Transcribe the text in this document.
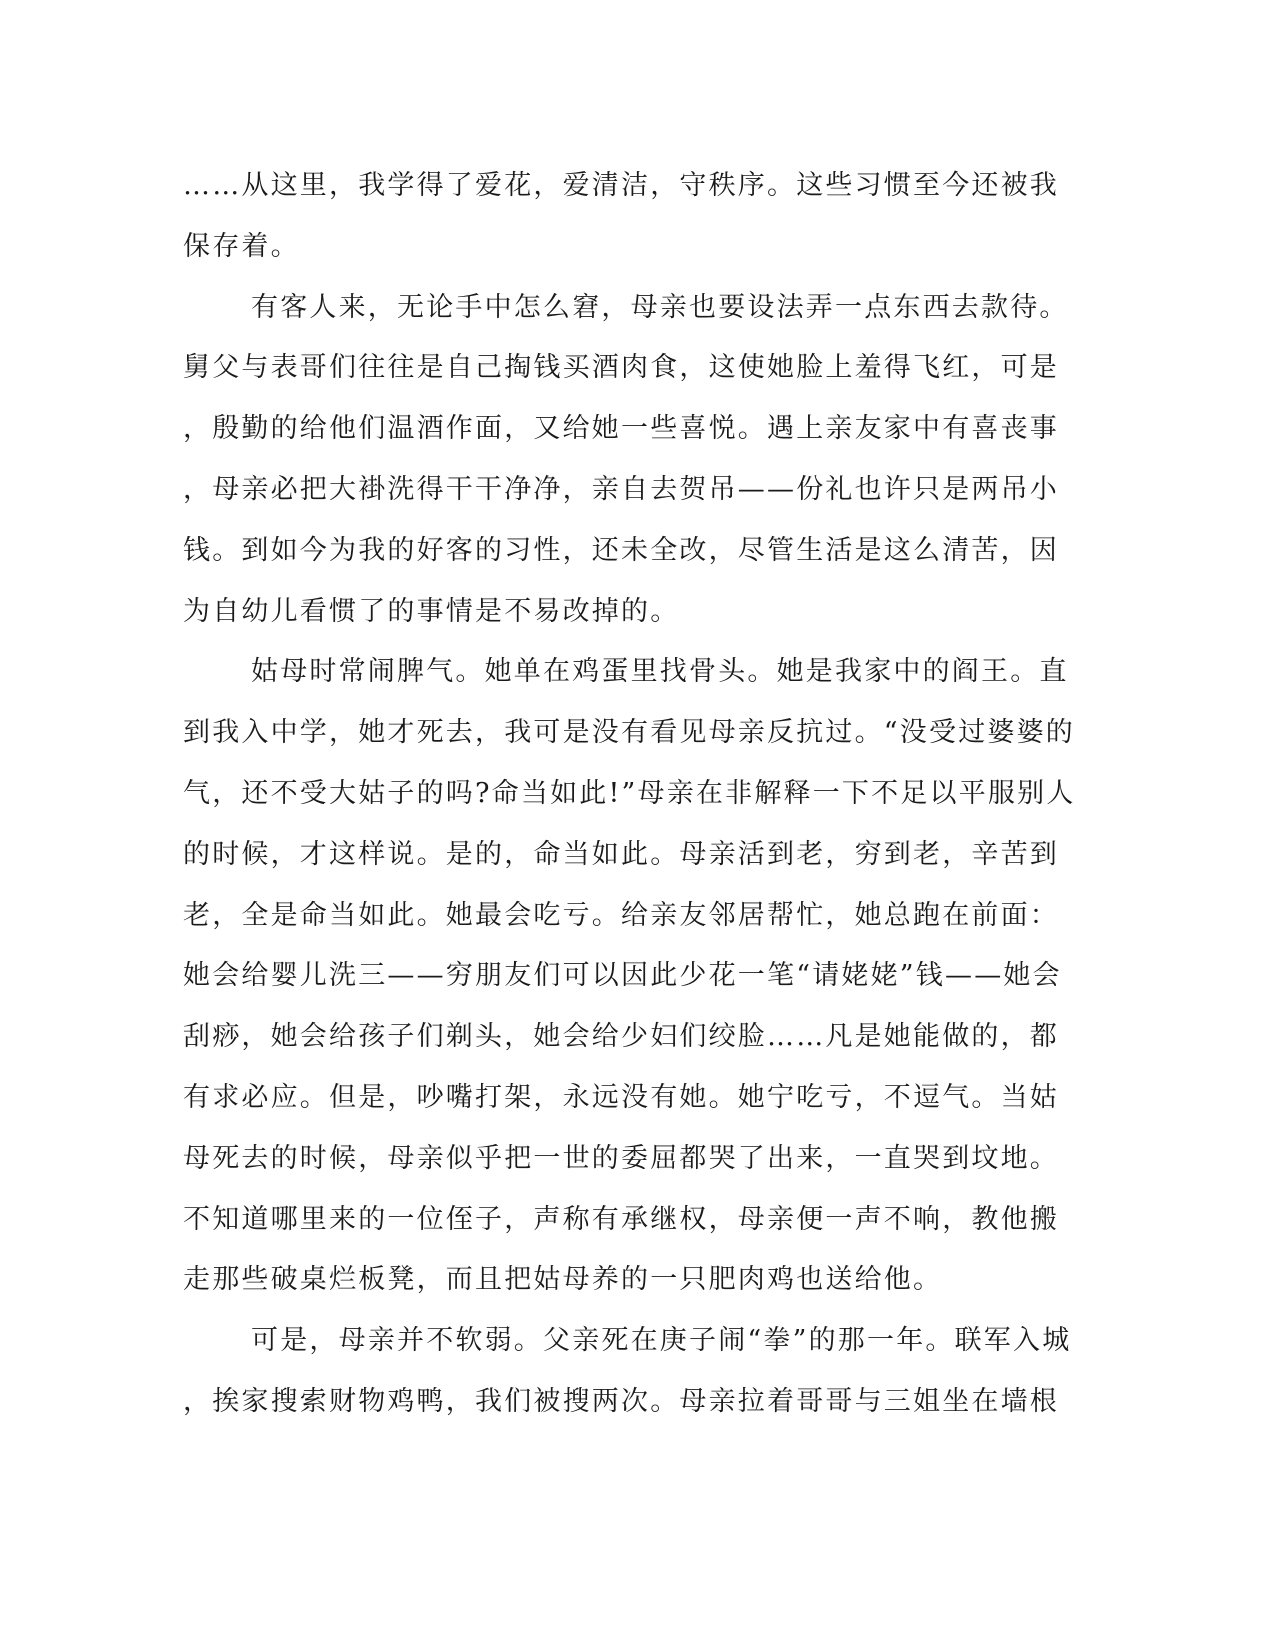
……从这里，我学得了爱花，爱清洁，守秩序。这些习惯至今还被我
保存着。
有客人来，无论手中怎么窘，母亲也要设法弄一点东西去款待。
舅父与表哥们往往是自己掏钱买酒肉食，这使她脸上羞得飞红，可是
，殷勤的给他们温酒作面，又给她一些喜悦。遇上亲友家中有喜丧事
，母亲必把大褂洗得干干净净，亲自去贺吊——份礼也许只是两吊小
钱。到如今为我的好客的习性，还未全改，尽管生活是这么清苦，因
为自幼儿看惯了的事情是不易改掉的。
姑母时常闹脾气。她单在鸡蛋里找骨头。她是我家中的阎王。直
到我入中学，她才死去，我可是没有看见母亲反抗过。“没受过婆婆的
气，还不受大姑子的吗?命当如此!”母亲在非解释一下不足以平服别人
的时候，才这样说。是的，命当如此。母亲活到老，穷到老，辛苦到
老，全是命当如此。她最会吃亏。给亲友邻居帮忙，她总跑在前面：
她会给婴儿洗三——穷朋友们可以因此少花一笔“请姥姥”钱——她会
刮痧，她会给孩子们剃头，她会给少妇们绞脸……凡是她能做的，都
有求必应。但是，吵嘴打架，永远没有她。她宁吃亏，不逗气。当姑
母死去的时候，母亲似乎把一世的委屈都哭了出来，一直哭到坟地。
不知道哪里来的一位侄子，声称有承继权，母亲便一声不响，教他搬
走那些破桌烂板凳，而且把姑母养的一只肥肉鸡也送给他。
可是，母亲并不软弱。父亲死在庚子闹“拳”的那一年。联军入城
，挨家搜索财物鸡鸭，我们被搜两次。母亲拉着哥哥与三姐坐在墙根
